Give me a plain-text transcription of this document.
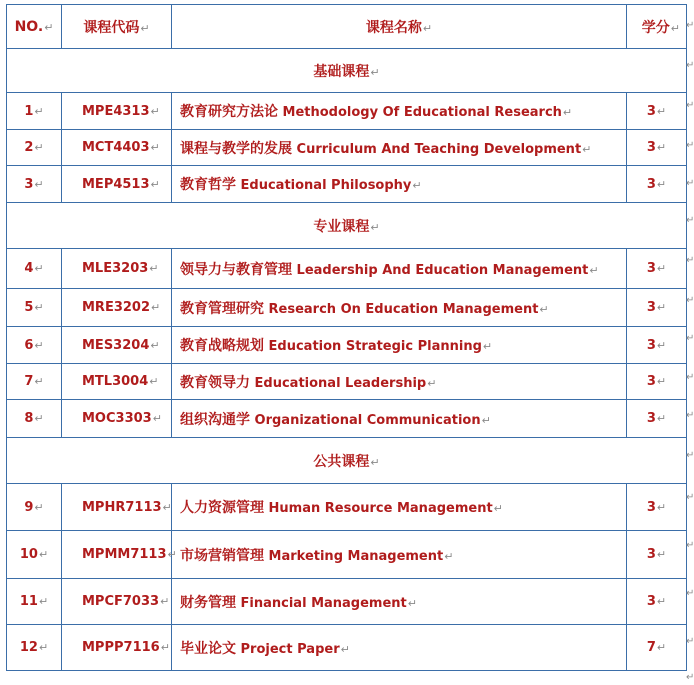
NO.↵	课程代码↵	课程名称↵	学分↵
基础课程↵			
1↵	MPE4313↵	教育研究方法论 Methodology Of Educational Research↵	3↵
2↵	MCT4403↵	课程与教学的发展 Curriculum And Teaching Development↵	3↵
3↵	MEP4513↵	教育哲学 Educational Philosophy↵	3↵
专业课程↵			
4↵	MLE3203↵	领导力与教育管理 Leadership And Education Management↵	3↵
5↵	MRE3202↵	教育管理研究 Research On Education Management↵	3↵
6↵	MES3204↵	教育战略规划 Education Strategic Planning↵	3↵
7↵	MTL3004↵	教育领导力 Educational Leadership↵	3↵
8↵	MOC3303↵	组织沟通学 Organizational Communication↵	3↵
公共课程↵			
9↵	MPHR7113↵	人力资源管理 Human Resource Management↵	3↵
10↵	MPMM7113↵	市场营销管理 Marketing Management↵	3↵
11↵	MPCF7033↵	财务管理 Financial Management↵	3↵
12↵	MPPP7116↵	毕业论文 Project Paper↵	7↵
↵
↵
↵
↵
↵
↵
↵
↵
↵
↵
↵
↵
↵
↵
↵
↵
↵
